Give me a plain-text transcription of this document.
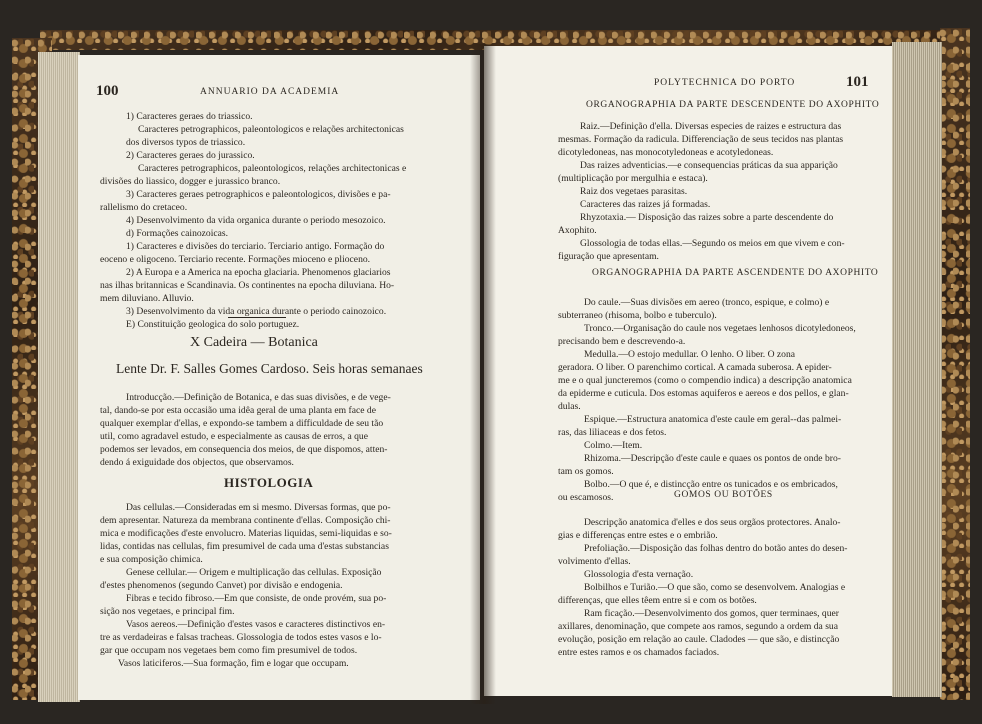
100	ANNUARIO DA ACADEMIA
1) Caracteres geraes do triassico.
Caracteres petrographicos, paleontologicos e relações architectonicas
dos diversos typos de triassico.
2) Caracteres geraes do jurassico.
Caracteres petrographicos, paleontologicos, relações architectonicas e
divisões do liassico, dogger e jurassico branco.
3) Caracteres geraes petrographicos e paleontologicos, divisões e pa-
rallelismo do cretaceo.
4) Desenvolvimento da vida organica durante o periodo mesozoico.
d) Formações cainozoicas.
1) Caracteres e divisões do terciario. Terciario antigo. Formação do
eoceno e oligoceno. Terciario recente. Formações mioceno e plioceno.
2) A Europa e a America na epocha glaciaria. Phenomenos glaciarios
nas ilhas britannicas e Scandinavia. Os continentes na epocha diluviana. Ho-
mem diluviano. Alluvio.
3) Desenvolvimento da vida organica durante o periodo cainozoico.
E) Constituição geologica do solo portuguez.
X Cadeira — Botanica
Lente Dr. F. Salles Gomes Cardoso. Seis horas semanaes
Introducção.—Definição de Botanica, e das suas divisões, e de vege-
tal, dando-se por esta occasião uma idêa geral de uma planta em face de
qualquer exemplar d'ellas, e expondo-se tambem a difficuldade de seu tão
util, como agradavel estudo, e especialmente as causas de erros, a que
podemos ser levados, em consequencia dos meios, de que dispomos, atten-
dendo á exiguidade dos objectos, que observamos.
HISTOLOGIA
Das cellulas.—Consideradas em si mesmo. Diversas formas, que po-
dem apresentar. Natureza da membrana continente d'ellas. Composição chi-
mica e modificações d'este envolucro. Materias liquidas, semi-liquidas e so-
lidas, contidas nas cellulas, fim presumivel de cada uma d'estas substancias
e sua composição chimica.
Genese cellular.— Origem e multiplicação das cellulas. Exposição
d'estes phenomenos (segundo Canvet) por divisão e endogenia.
Fibras e tecido fibroso.—Em que consiste, de onde provém, sua po-
sição nos vegetaes, e principal fim.
Vasos aereos.—Definição d'estes vasos e caracteres distinctivos en-
tre as verdadeiras e falsas tracheas. Glossologia de todos estes vasos e lo-
gar que occupam nos vegetaes bem como fim presumivel de todos.
Vasos laticiferos.—Sua formação, fim e logar que occupam.
POLYTECHNICA DO PORTO	101
ORGANOGRAPHIA DA PARTE DESCENDENTE DO AXOPHITO
Raiz.—Definição d'ella. Diversas especies de raizes e estructura das
mesmas. Formação da radicula. Differenciação de seus tecidos nas plantas
dicotyledoneas, nas monocotyledoneas e acotyledoneas.
Das raizes adventicias.—e consequencias práticas da sua apparição
(multiplicação por mergulhia e estaca).
Raiz dos vegetaes parasitas.
Caracteres das raizes já formadas.
Rhyzotaxia.— Disposição das raizes sobre a parte descendente do
Axophito.
Glossologia de todas ellas.—Segundo os meios em que vivem e con-
figuração que apresentam.
ORGANOGRAPHIA DA PARTE ASCENDENTE DO AXOPHITO
Do caule.—Suas divisões em aereo (tronco, espique, e colmo) e
subterraneo (rhisoma, bolbo e tuberculo).
Tronco.—Organisação do caule nos vegetaes lenhosos dicotyledoneos,
precisando bem e descrevendo-a.
Medulla.—O estojo medullar. O lenho. O liber. O zona
geradora. O liber. O parenchimo cortical. A camada suberosa. A epider-
me e o qual juncteremos (como o compendio indica) a descripção anatomica
da epiderme e cuticula. Dos estomas aquiferos e aereos e dos pellos, e glan-
dulas.
Espique.—Estructura anatomica d'este caule em geral--das palmei-
ras, das liliaceas e dos fetos.
Colmo.—Item.
Rhizoma.—Descripção d'este caule e quaes os pontos de onde bro-
tam os gomos.
Bolbo.—O que é, e distincção entre os tunicados e os embricados,
ou escamosos.	GOMOS OU BOTÕES
Descripção anatomica d'elles e dos seus orgãos protectores. Analo-
gias e differenças entre estes e o embrião.
Prefoliação.—Disposição das folhas dentro do botão antes do desen-
volvimento d'ellas.
Glossologia d'esta vernação.
Bolbilhos e Turião.—O que são, como se desenvolvem. Analogias e
differenças, que elles têem entre si e com os botões.
Ram ficação.—Desenvolvimento dos gomos, quer terminaes, quer
axillares, denominação, que compete aos ramos, segundo a ordem da sua
evolução, posição em relação ao caule. Cladodes — que são, e distincção
entre estes ramos e os chamados faciados.
